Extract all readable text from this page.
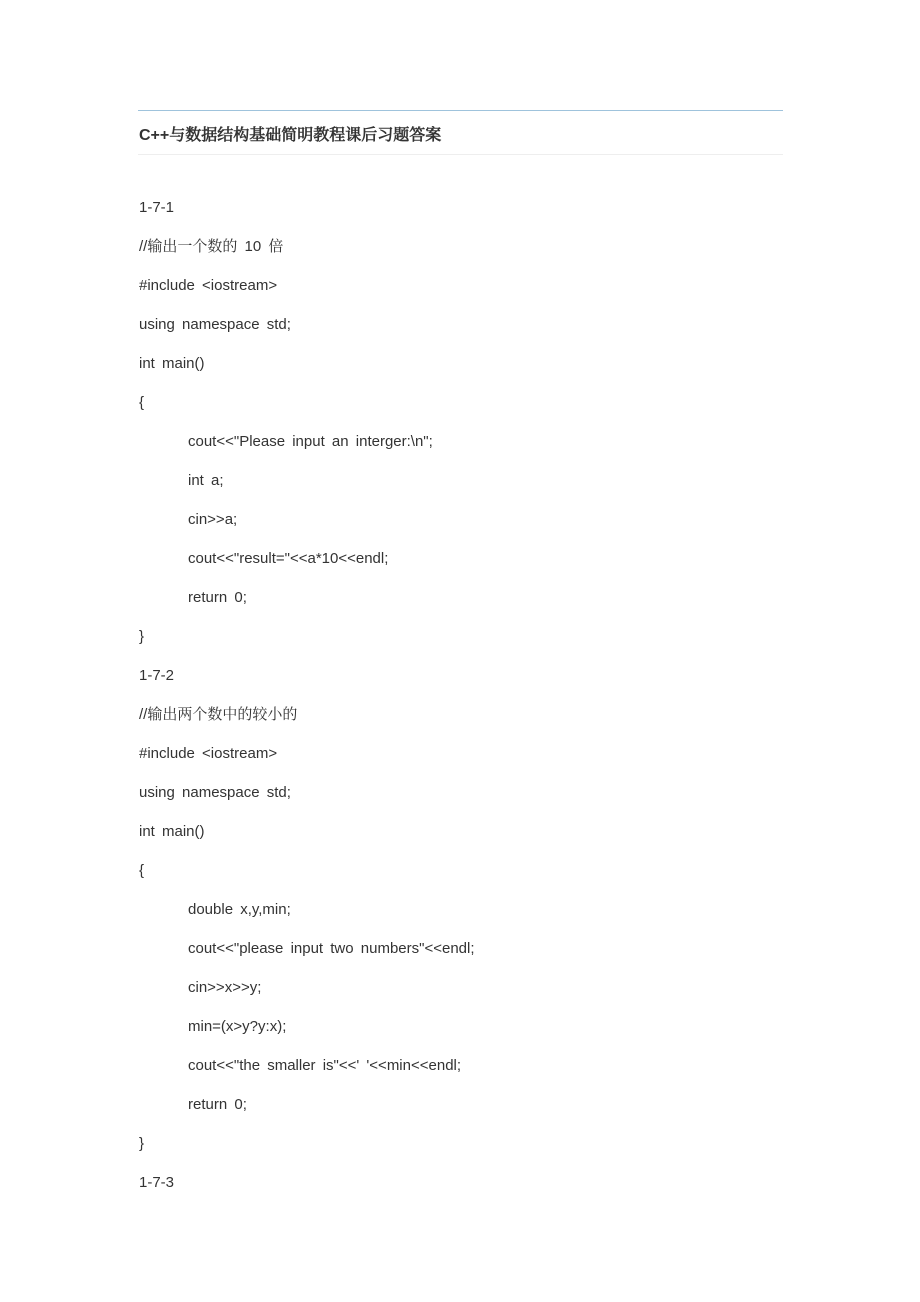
C++与数据结构基础简明教程课后习题答案
1-7-1
//输出一个数的 10 倍
#include <iostream>
using namespace std;
int main()
{
cout<<"Please input an interger:\n";
int a;
cin>>a;
cout<<"result="<<a*10<<endl;
return 0;
}
1-7-2
//输出两个数中的较小的
#include <iostream>
using namespace std;
int main()
{
double x,y,min;
cout<<"please input two numbers"<<endl;
cin>>x>>y;
min=(x>y?y:x);
cout<<"the smaller is"<<' '<<min<<endl;
return 0;
}
1-7-3
